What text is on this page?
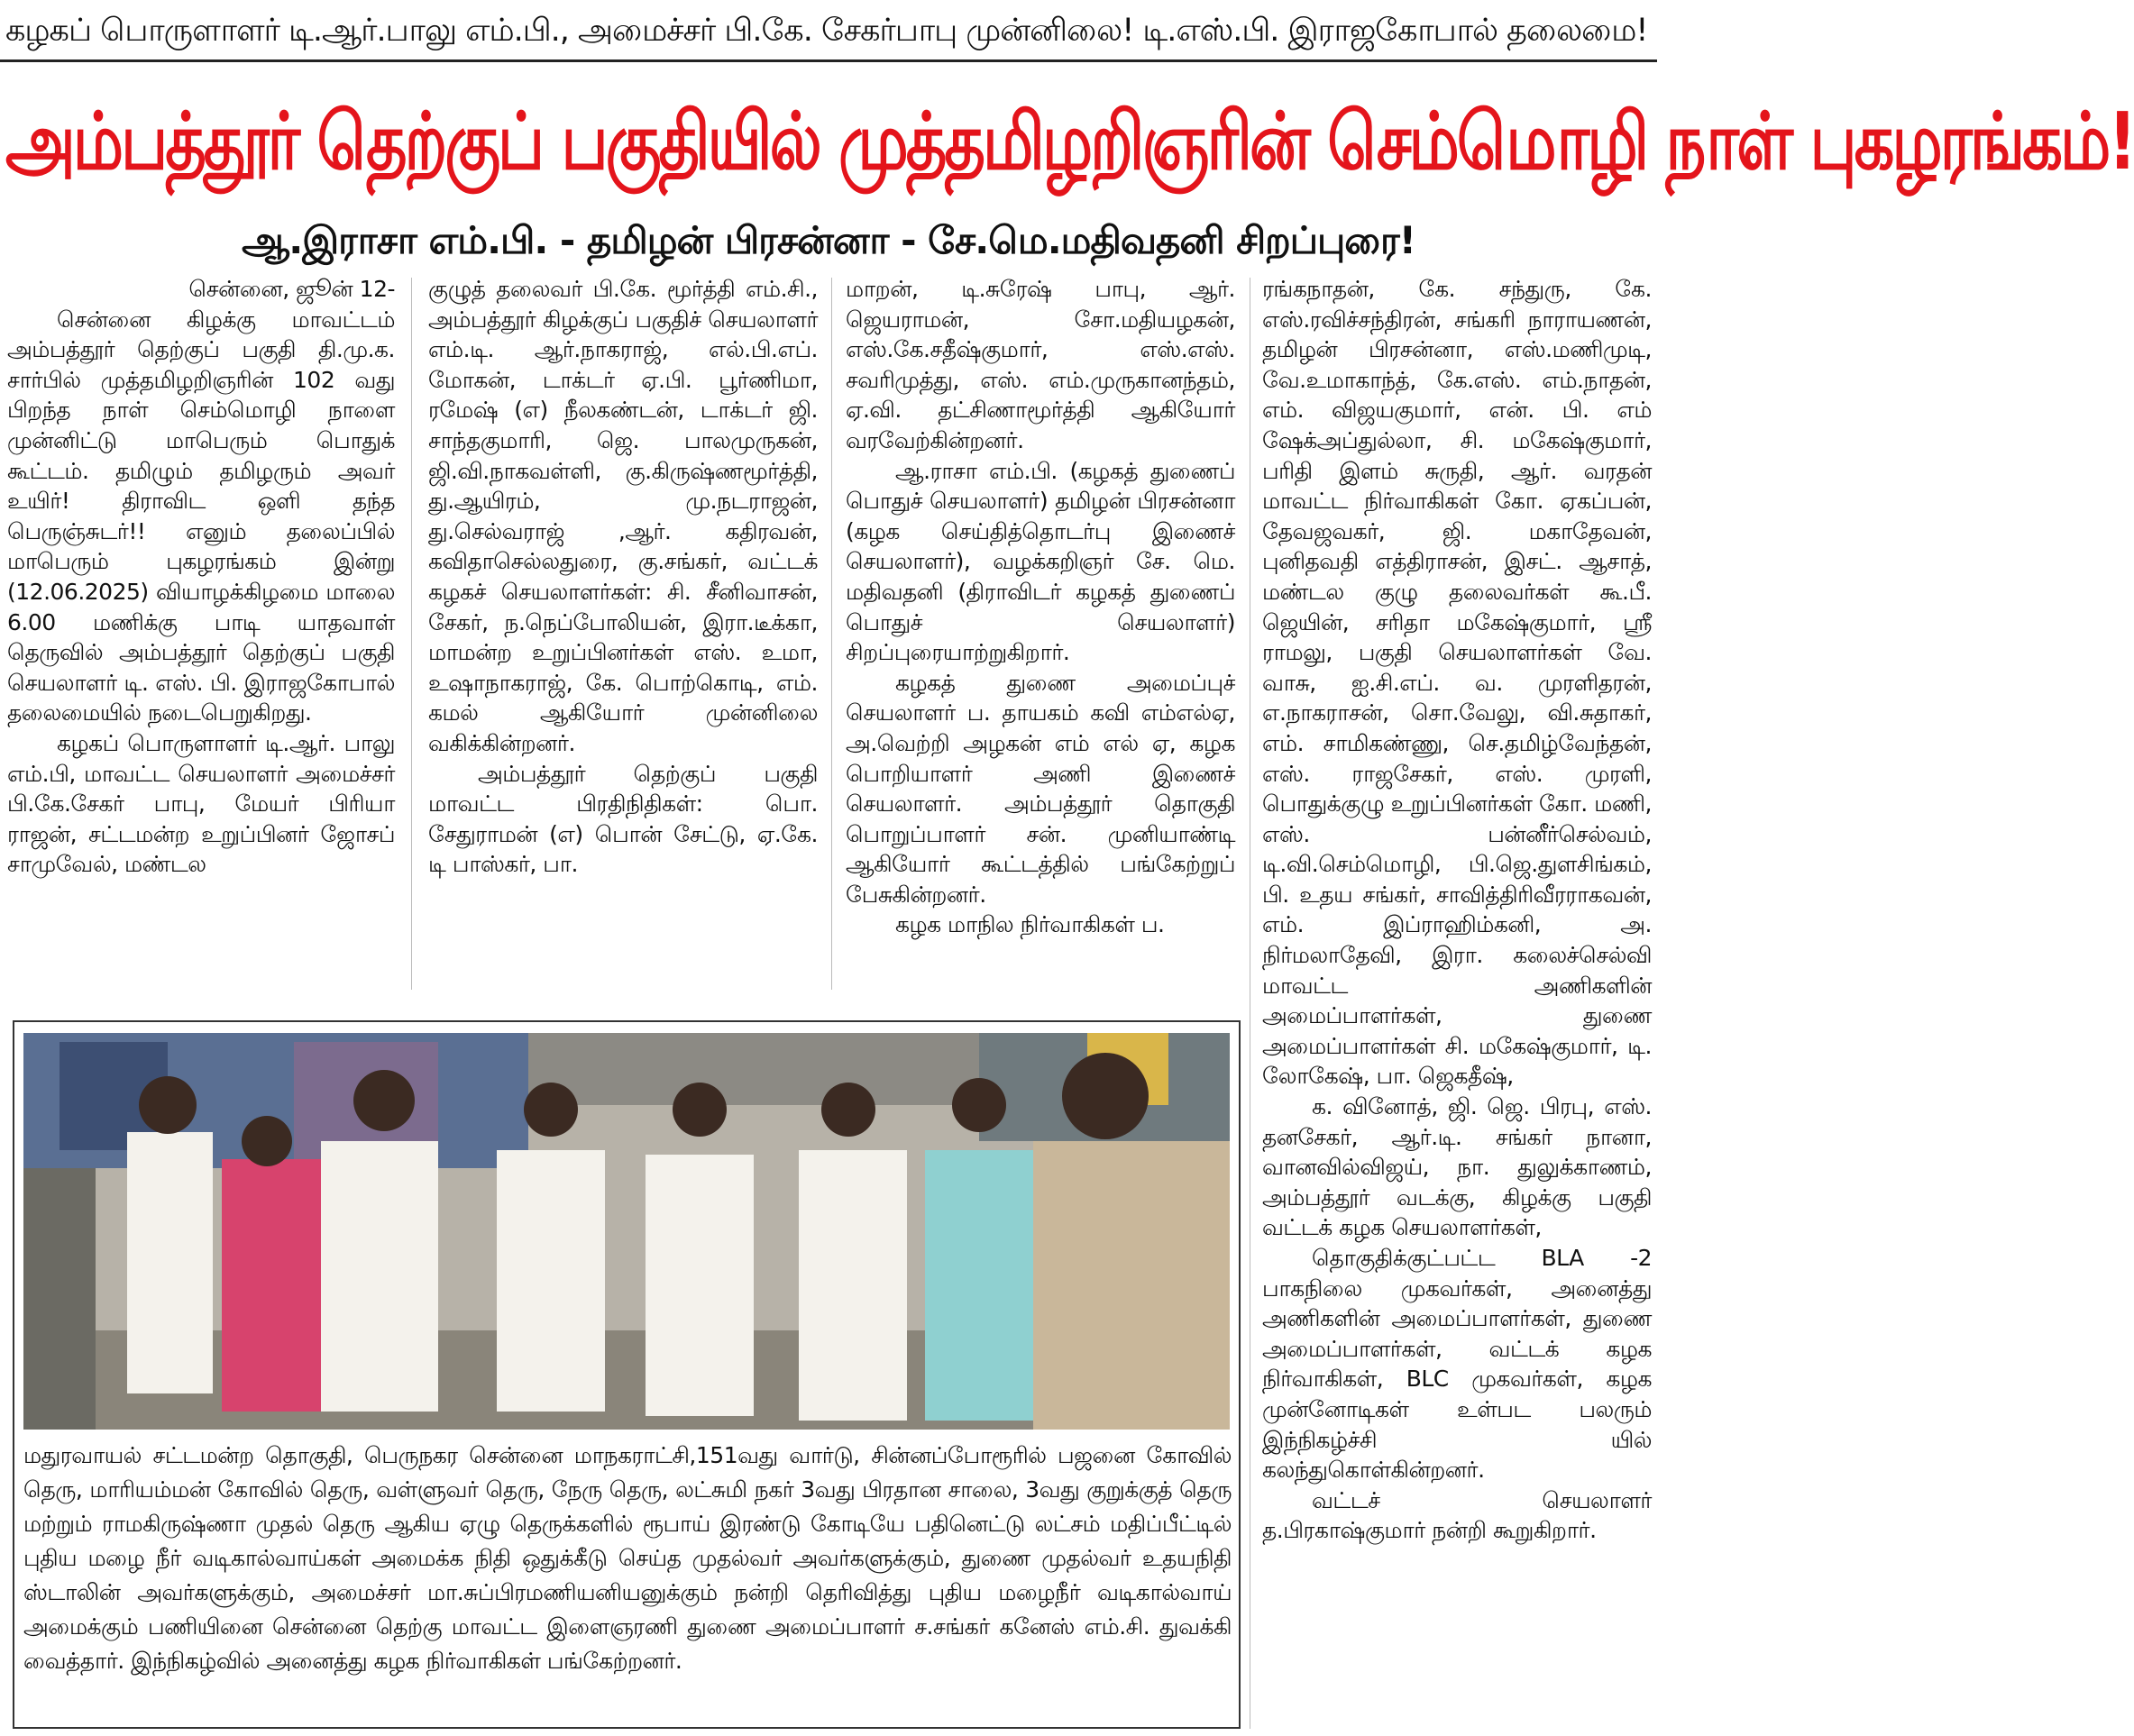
கழகப் பொருளாளர் டி.ஆர்.பாலு எம்.பி., அமைச்சர் பி.கே. சேகர்பாபு முன்னிலை! டி.எஸ்.பி. இராஜகோபால் தலைமை!
அம்பத்தூர் தெற்குப் பகுதியில் முத்தமிழறிஞரின் செம்மொழி நாள் புகழரங்கம்!
ஆ.இராசா எம்.பி. - தமிழன் பிரசன்னா - சே.மெ.மதிவதனி சிறப்புரை!

சென்னை, ஜூன் 12-

சென்னை கிழக்கு மாவட்டம் அம்பத்தூர் தெற்குப் பகுதி தி.மு.க. சார்பில் முத்தமிழறிஞரின் 102 வது பிறந்த நாள் செம்மொழி நாளை முன்னிட்டு மாபெரும் பொதுக் கூட்டம். தமிழும் தமிழரும் அவர் உயிர்! திராவிட ஒளி தந்த பெருஞ்சுடர்!! எனும் தலைப்பில் மாபெரும் புகழரங்கம் இன்று (12.06.2025) வியாழக்கிழமை மாலை 6.00 மணிக்கு பாடி யாதவாள் தெருவில் அம்பத்தூர் தெற்குப் பகுதி செயலாளர் டி. எஸ். பி. இராஜகோபால் தலைமையில் நடைபெறுகிறது.

கழகப் பொருளாளர் டி.ஆர். பாலு எம்.பி, மாவட்ட செயலாளர் அமைச்சர் பி.கே.சேகர் பாபு, மேயர் பிரியா ராஜன், சட்டமன்ற உறுப்பினர் ஜோசப் சாமுவேல், மண்டல

குழுத் தலைவர் பி.கே. மூர்த்தி எம்.சி., அம்பத்தூர் கிழக்குப் பகுதிச் செயலாளர் எம்.டி. ஆர்.நாகராஜ், எல்.பி.எப். மோகன், டாக்டர் ஏ.பி. பூர்ணிமா, ரமேஷ் (எ) நீலகண்டன், டாக்டர் ஜி. சாந்தகுமாரி, ஜெ. பாலமுருகன், ஜி.வி.நாகவள்ளி, கு.கிருஷ்ணமூர்த்தி, து.ஆயிரம், மு.நடராஜன், து.செல்வராஜ் ,ஆர். கதிரவன், கவிதாசெல்லதுரை, கு.சங்கர், வட்டக் கழகச் செயலாளர்கள்: சி. சீனிவாசன், சேகர், ந.நெப்போலியன், இரா.டீக்கா, மாமன்ற உறுப்பினர்கள் எஸ். உமா, உஷாநாகராஜ், கே. பொற்கொடி, எம். கமல் ஆகியோர் முன்னிலை வகிக்கின்றனர்.

அம்பத்தூர் தெற்குப் பகுதி மாவட்ட பிரதிநிதிகள்: பொ. சேதுராமன் (எ) பொன் சேட்டு, ஏ.கே. டி பாஸ்கர், பா.

மாறன், டி.சுரேஷ் பாபு, ஆர். ஜெயராமன், சோ.மதியழகன், எஸ்.கே.சதீஷ்குமார், எஸ்.எஸ். சவரிமுத்து, எஸ். எம்.முருகானந்தம், ஏ.வி. தட்சிணாமூர்த்தி ஆகியோர் வரவேற்கின்றனர்.

ஆ.ராசா எம்.பி. (கழகத் துணைப் பொதுச் செயலாளர்) தமிழன் பிரசன்னா (கழக செய்தித்தொடர்பு இணைச் செயலாளர்), வழக்கறிஞர் சே. மெ. மதிவதனி (திராவிடர் கழகத் துணைப் பொதுச் செயலாளர்) சிறப்புரையாற்றுகிறார்.

கழகத் துணை அமைப்புச் செயலாளர் ப. தாயகம் கவி எம்எல்ஏ, அ.வெற்றி அழகன் எம் எல் ஏ, கழக பொறியாளர் அணி இணைச் செயலாளர். அம்பத்தூர் தொகுதி பொறுப்பாளர் சன். முனியாண்டி ஆகியோர் கூட்டத்தில் பங்கேற்றுப் பேசுகின்றனர்.

கழக மாநில நிர்வாகிகள் ப.

ரங்கநாதன், கே. சந்துரு, கே. எஸ்.ரவிச்சந்திரன், சங்கரி நாராயணன், தமிழன் பிரசன்னா, எஸ்.மணிமுடி, வே.உமாகாந்த், கே.எஸ். எம்.நாதன், எம். விஜயகுமார், என். பி. எம் ஷேக்அப்துல்லா, சி. மகேஷ்குமார், பரிதி இளம் சுருதி, ஆர். வரதன் மாவட்ட நிர்வாகிகள் கோ. ஏகப்பன், தேவஜவகர், ஜி. மகாதேவன், புனிதவதி எத்திராசன், இசட். ஆசாத், மண்டல குழு தலைவர்கள் கூ.பீ. ஜெயின், சரிதா மகேஷ்குமார், ஸ்ரீ ராமலு, பகுதி செயலாளர்கள் வே. வாசு, ஐ.சி.எப். வ. முரளிதரன், எ.நாகராசன், சொ.வேலு, வி.சுதாகர், எம். சாமிகண்ணு, செ.தமிழ்வேந்தன், எஸ். ராஜசேகர், எஸ். முரளி, பொதுக்குழு உறுப்பினர்கள் கோ. மணி, எஸ். பன்னீர்செல்வம், டி.வி.செம்மொழி, பி.ஜெ.துளசிங்கம், பி. உதய சங்கர், சாவித்திரிவீரராகவன், எம். இப்ராஹிம்கனி, அ. நிர்மலாதேவி, இரா. கலைச்செல்வி மாவட்ட அணிகளின் அமைப்பாளர்கள், துணை அமைப்பாளர்கள் சி. மகேஷ்குமார், டி. லோகேஷ், பா. ஜெகதீஷ்,

க. வினோத், ஜி. ஜெ. பிரபு, எஸ். தனசேகர், ஆர்.டி. சங்கர் நானா, வானவில்விஜய், நா. துலுக்காணம், அம்பத்தூர் வடக்கு, கிழக்கு பகுதி வட்டக் கழக செயலாளர்கள்,

தொகுதிக்குட்பட்ட BLA -2 பாகநிலை முகவர்கள், அனைத்து அணிகளின் அமைப்பாளர்கள், துணை அமைப்பாளர்கள், வட்டக் கழக நிர்வாகிகள், BLC முகவர்கள், கழக முன்னோடிகள் உள்பட பலரும் இந்நிகழ்ச்சி யில் கலந்துகொள்கின்றனர்.

வட்டச் செயலாளர் த.பிரகாஷ்குமார் நன்றி கூறுகிறார்.

மதுரவாயல் சட்டமன்ற தொகுதி, பெருநகர சென்னை மாநகராட்சி,151வது வார்டு, சின்னப்போரூரில் பஜனை கோவில் தெரு, மாரியம்மன் கோவில் தெரு, வள்ளுவர் தெரு, நேரு தெரு, லட்சுமி நகர் 3வது பிரதான சாலை, 3வது குறுக்குத் தெரு மற்றும் ராமகிருஷ்ணா முதல் தெரு ஆகிய ஏழு தெருக்களில் ரூபாய் இரண்டு கோடியே பதினெட்டு லட்சம் மதிப்பீட்டில் புதிய மழை நீர் வடிகால்வாய்கள் அமைக்க நிதி ஒதுக்கீடு செய்த முதல்வர் அவர்களுக்கும், துணை முதல்வர் உதயநிதி ஸ்டாலின் அவர்களுக்கும், அமைச்சர் மா.சுப்பிரமணியனியனுக்கும் நன்றி தெரிவித்து புதிய மழைநீர் வடிகால்வாய் அமைக்கும் பணியினை சென்னை தெற்கு மாவட்ட இளைஞரணி துணை அமைப்பாளர் ச.சங்கர் கனேஸ் எம்.சி. துவக்கி வைத்தார். இந்நிகழ்வில் அனைத்து கழக நிர்வாகிகள் பங்கேற்றனர்.
